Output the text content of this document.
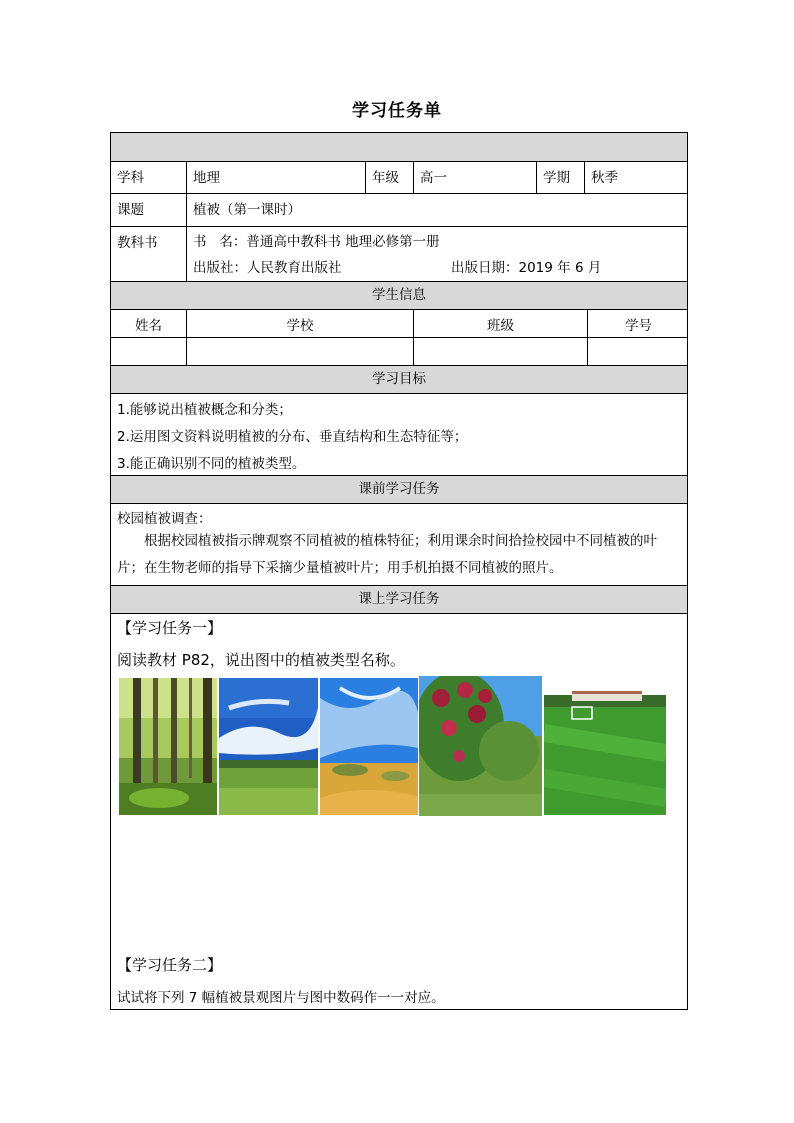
学习任务单
学科	地理	年级	高一	学期	秋季
课题	植被（第一课时）
教科书	书   名：普通高中教科书 地理必修第一册
出版社：人民教育出版社	出版日期：2019 年 6 月
学生信息
姓名	学校	班级	学号
学习目标
1.能够说出植被概念和分类；
2.运用图文资料说明植被的分布、垂直结构和生态特征等；
3.能正确识别不同的植被类型。
课前学习任务
校园植被调查：
根据校园植被指示牌观察不同植被的植株特征；利用课余时间拾捡校园中不同植被的叶片；在生物老师的指导下采摘少量植被叶片；用手机拍摄不同植被的照片。
课上学习任务
【学习任务一】
阅读教材 P82，说出图中的植被类型名称。
【学习任务二】
试试将下列 7 幅植被景观图片与图中数码作一一对应。
